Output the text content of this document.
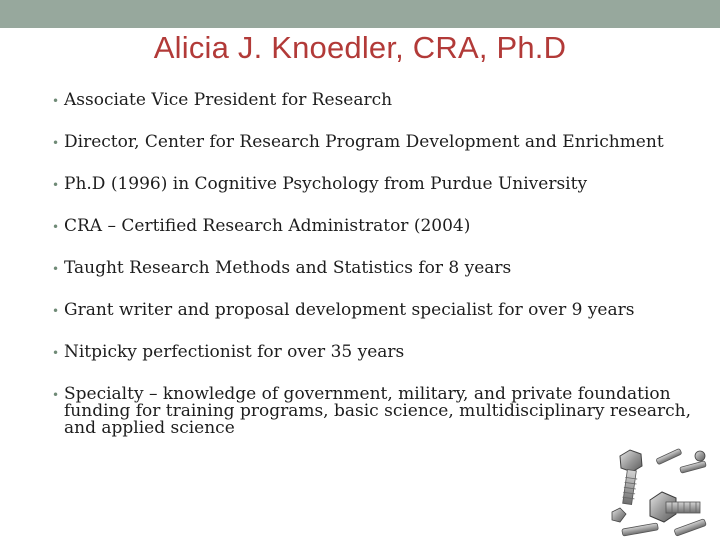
Alicia J. Knoedler, CRA, Ph.D
• Associate Vice President for Research
• Director, Center for Research Program Development and Enrichment
• Ph.D (1996) in Cognitive Psychology from Purdue University
• CRA – Certified Research Administrator (2004)
• Taught Research Methods and Statistics for 8 years
• Grant writer and proposal development specialist for over 9 years
• Nitpicky perfectionist for over 35 years
• Specialty – knowledge of government, military, and private foundation funding for training programs, basic science, multidisciplinary research, and applied science
